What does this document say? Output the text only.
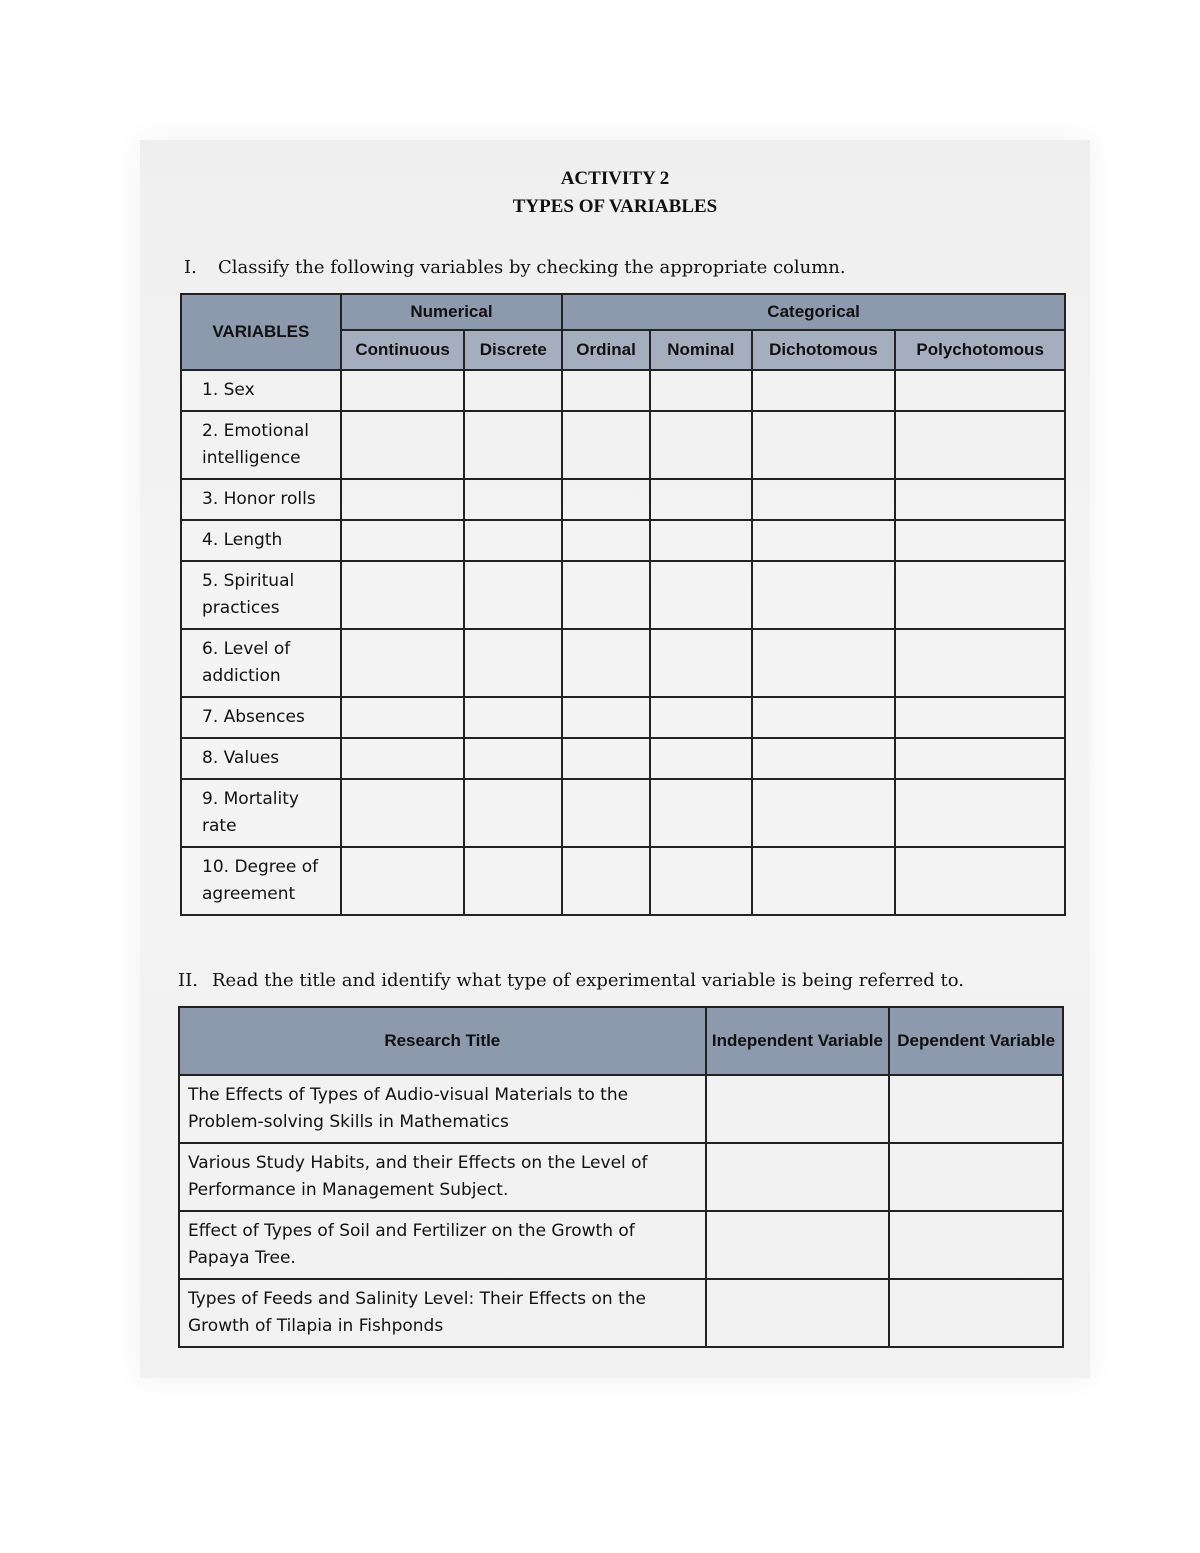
ACTIVITY 2
TYPES OF VARIABLES
I. Classify the following variables by checking the appropriate column.
VARIABLES	Numerical		Categorical			
	Continuous	Discrete	Ordinal	Nominal	Dichotomous	Polychotomous
1. Sex						
2. Emotional intelligence						
3. Honor rolls						
4. Length						
5. Spiritual practices						
6. Level of addiction						
7. Absences						
8. Values						
9. Mortality rate						
10. Degree of agreement						
II. Read the title and identify what type of experimental variable is being referred to.
Research Title	Independent Variable	Dependent Variable
The Effects of Types of Audio-visual Materials to the Problem-solving Skills in Mathematics		
Various Study Habits, and their Effects on the Level of Performance in Management Subject.		
Effect of Types of Soil and Fertilizer on the Growth of Papaya Tree.		
Types of Feeds and Salinity Level: Their Effects on the Growth of Tilapia in Fishponds		
